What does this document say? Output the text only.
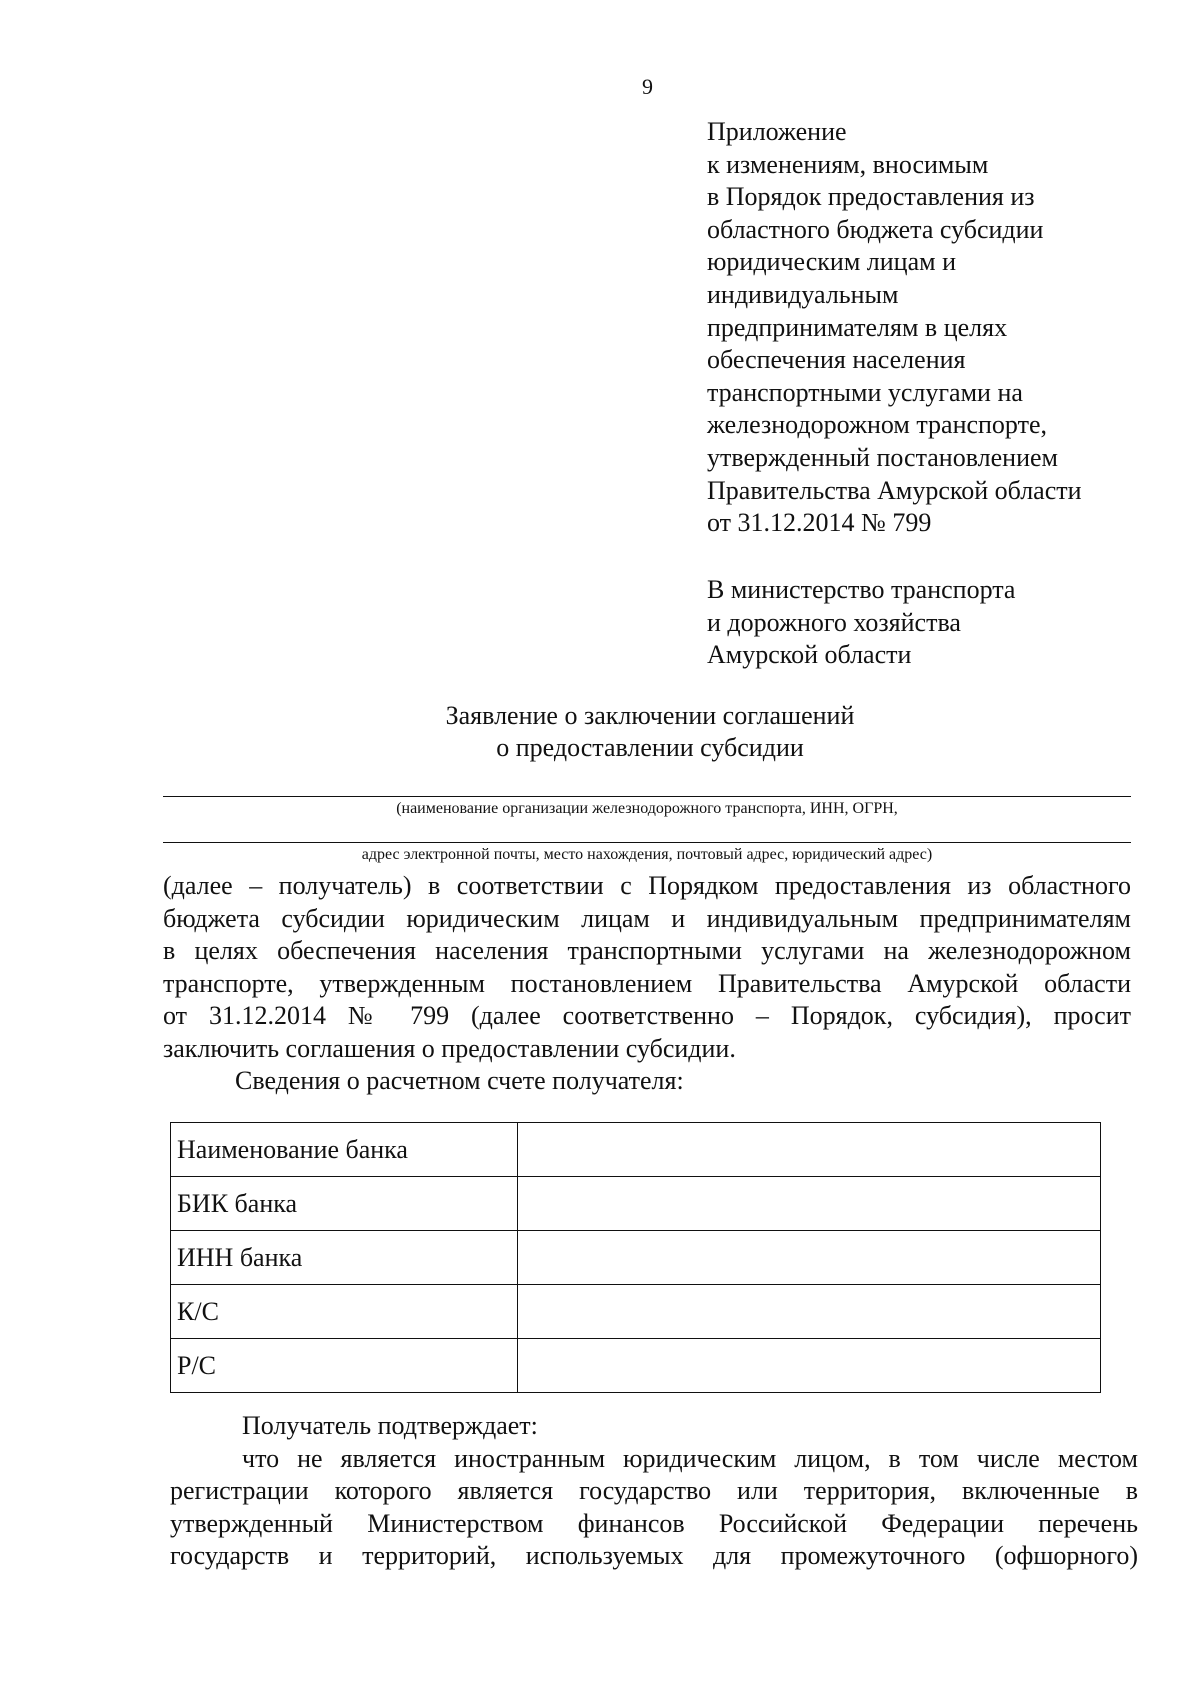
9
Приложение
к изменениям, вносимым
в Порядок предоставления из
областного бюджета субсидии
юридическим лицам и
индивидуальным
предпринимателям в целях
обеспечения населения
транспортными услугами на
железнодорожном транспорте,
утвержденный постановлением
Правительства Амурской области
от 31.12.2014 № 799
В министерство транспорта
и дорожного хозяйства
Амурской области
Заявление о заключении соглашений
о предоставлении субсидии
(наименование организации железнодорожного транспорта, ИНН, ОГРН,
адрес электронной почты, место нахождения, почтовый адрес, юридический адрес)
(далее – получатель) в соответствии с Порядком предоставления из областного
бюджета субсидии юридическим лицам и индивидуальным предпринимателям
в целях обеспечения населения транспортными услугами на железнодорожном
транспорте, утвержденным постановлением Правительства Амурской области
от 31.12.2014 № 799 (далее соответственно – Порядок, субсидия), просит
заключить соглашения о предоставлении субсидии.
Сведения о расчетном счете получателя:
Наименование банка	
БИК банка	
ИНН банка	
К/С	
Р/С	
Получатель подтверждает:
что не является иностранным юридическим лицом, в том числе местом
регистрации которого является государство или территория, включенные в
утвержденный Министерством финансов Российской Федерации перечень
государств и территорий, используемых для промежуточного (офшорного)
